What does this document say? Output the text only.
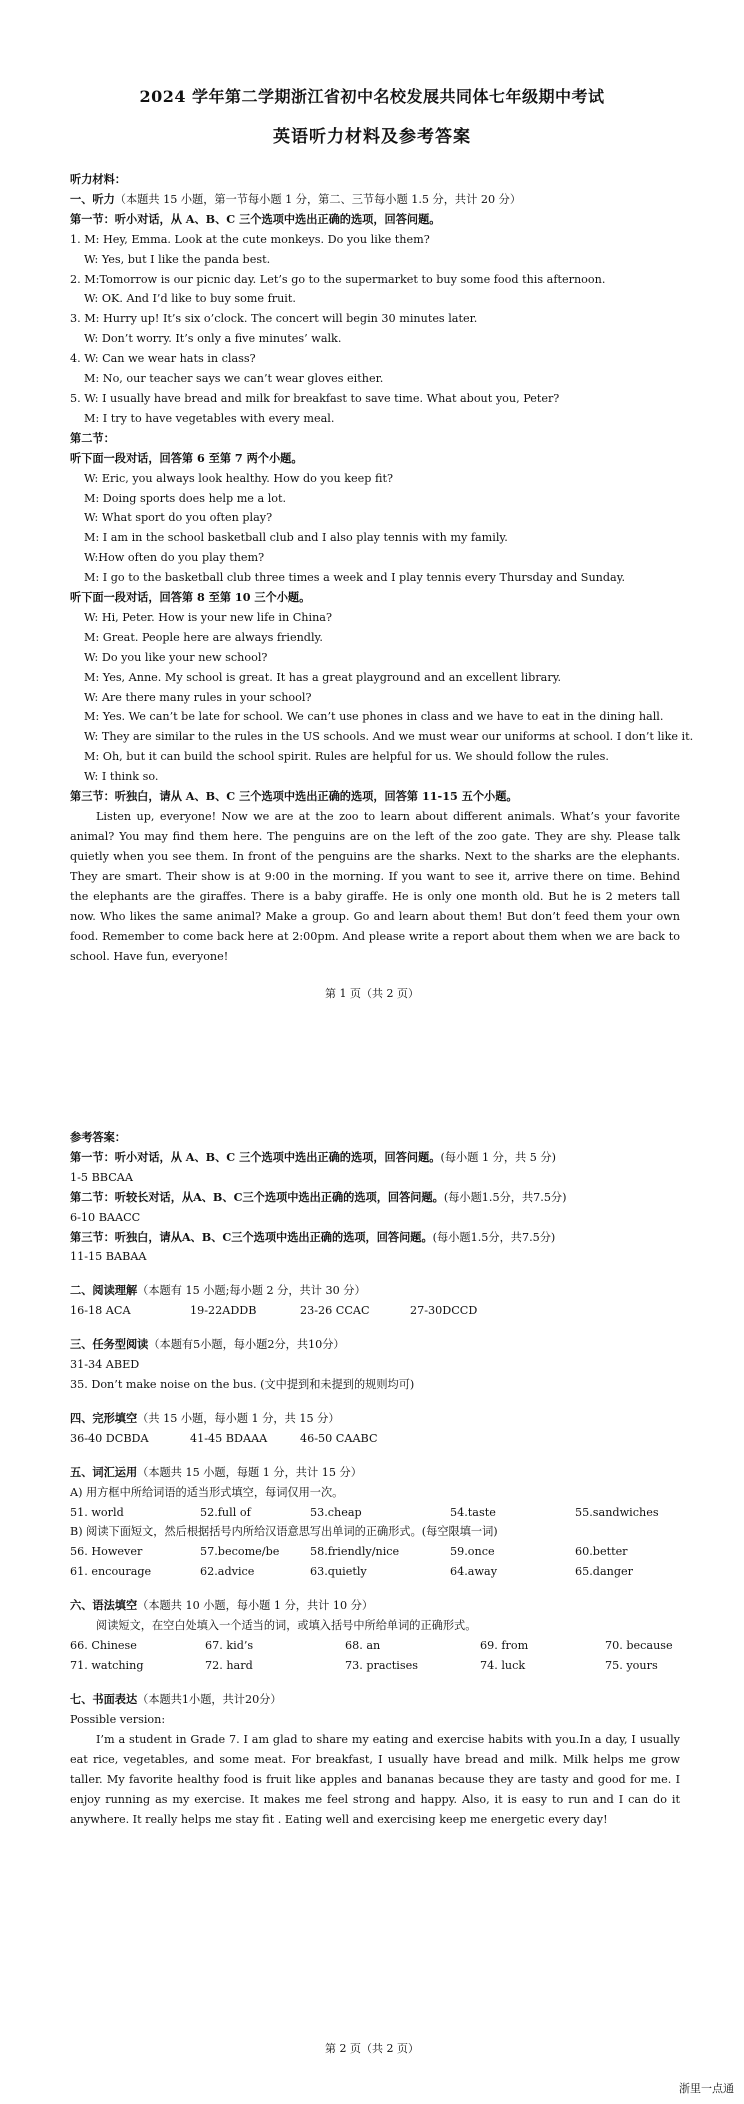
2024 学年第二学期浙江省初中名校发展共同体七年级期中考试
英语听力材料及参考答案
听力材料：
一、听力（本题共 15 小题，第一节每小题 1 分，第二、三节每小题 1.5 分，共计 20 分）
第一节：听小对话，从 A、B、C 三个选项中选出正确的选项，回答问题。
1. M: Hey, Emma. Look at the cute monkeys. Do you like them?
W: Yes, but I like the panda best.
2. M:Tomorrow is our picnic day. Let’s go to the supermarket to buy some food this afternoon.
W: OK. And I’d like to buy some fruit.
3. M: Hurry up! It’s six o’clock. The concert will begin 30 minutes later.
W: Don’t worry. It’s only a five minutes’ walk.
4. W: Can we wear hats in class?
M: No, our teacher says we can’t wear gloves either.
5. W: I usually have bread and milk for breakfast to save time. What about you, Peter?
M: I try to have vegetables with every meal.
第二节：
听下面一段对话，回答第 6 至第 7 两个小题。
W: Eric, you always look healthy. How do you keep fit?
M: Doing sports does help me a lot.
W: What sport do you often play?
M: I am in the school basketball club and I also play tennis with my family.
W:How often do you play them?
M: I go to the basketball club three times a week and I play tennis every Thursday and Sunday.
听下面一段对话，回答第 8 至第 10 三个小题。
W: Hi, Peter. How is your new life in China?
M: Great. People here are always friendly.
W: Do you like your new school?
M: Yes, Anne. My school is great. It has a great playground and an excellent library.
W: Are there many rules in your school?
M: Yes. We can’t be late for school. We can’t use phones in class and we have to eat in the dining hall.
W: They are similar to the rules in the US schools. And we must wear our uniforms at school. I don’t like it.
M: Oh, but it can build the school spirit. Rules are helpful for us. We should follow the rules.
W: I think so.
第三节：听独白，请从 A、B、C 三个选项中选出正确的选项，回答第 11-15 五个小题。
Listen up, everyone! Now we are at the zoo to learn about different animals. What’s your favorite animal? You may find them here. The penguins are on the left of the zoo gate. They are shy. Please talk quietly when you see them. In front of the penguins are the sharks. Next to the sharks are the elephants. They are smart. Their show is at 9:00 in the morning. If you want to see it, arrive there on time. Behind the elephants are the giraffes. There is a baby giraffe. He is only one month old. But he is 2 meters tall now. Who likes the same animal? Make a group. Go and learn about them! But don’t feed them your own food. Remember to come back here at 2:00pm. And please write a report about them when we are back to school. Have fun, everyone!
第 1 页（共 2 页）
参考答案：
第一节：听小对话，从 A、B、C 三个选项中选出正确的选项，回答问题。(每小题 1 分，共 5 分)
1-5 BBCAA
第二节：听较长对话，从A、B、C三个选项中选出正确的选项，回答问题。(每小题1.5分，共7.5分)
6-10 BAACC
第三节：听独白，请从A、B、C三个选项中选出正确的选项，回答问题。(每小题1.5分，共7.5分)
11-15 BABAA
二、阅读理解（本题有 15 小题;每小题 2 分，共计 30 分）
16-18 ACA	19-22ADDB	23-26 CCAC	27-30DCCD
三、任务型阅读（本题有5小题，每小题2分，共10分）
31-34 ABED
35. Don’t make noise on the bus. (文中提到和未提到的规则均可)
四、完形填空（共 15 小题，每小题 1 分，共 15 分）
36-40 DCBDA	41-45 BDAAA	46-50 CAABC
五、词汇运用（本题共 15 小题，每题 1 分，共计 15 分）
A) 用方框中所给词语的适当形式填空，每词仅用一次。
51. world	52.full of	53.cheap	54.taste	55.sandwiches
B) 阅读下面短文，然后根据括号内所给汉语意思写出单词的正确形式。(每空限填一词)
56. However	57.become/be	58.friendly/nice	59.once	60.better
61. encourage	62.advice	63.quietly	64.away	65.danger
六、语法填空（本题共 10 小题，每小题 1 分，共计 10 分）
阅读短文，在空白处填入一个适当的词，或填入括号中所给单词的正确形式。
66. Chinese	67. kid’s	68. an	69. from	70. because
71. watching	72. hard	73. practises	74. luck	75. yours
七、书面表达（本题共1小题，共计20分）
Possible version:
I’m a student in Grade 7. I am glad to share my eating and exercise habits with you.In a day, I usually eat rice, vegetables, and some meat. For breakfast, I usually have bread and milk. Milk helps me grow taller. My favorite healthy food is fruit like apples and bananas because they are tasty and good for me. I enjoy running as my exercise. It makes me feel strong and happy. Also, it is easy to run and I can do it anywhere. It really helps me stay fit . Eating well and exercising keep me energetic every day!
第 2 页（共 2 页）
浙里一点通
